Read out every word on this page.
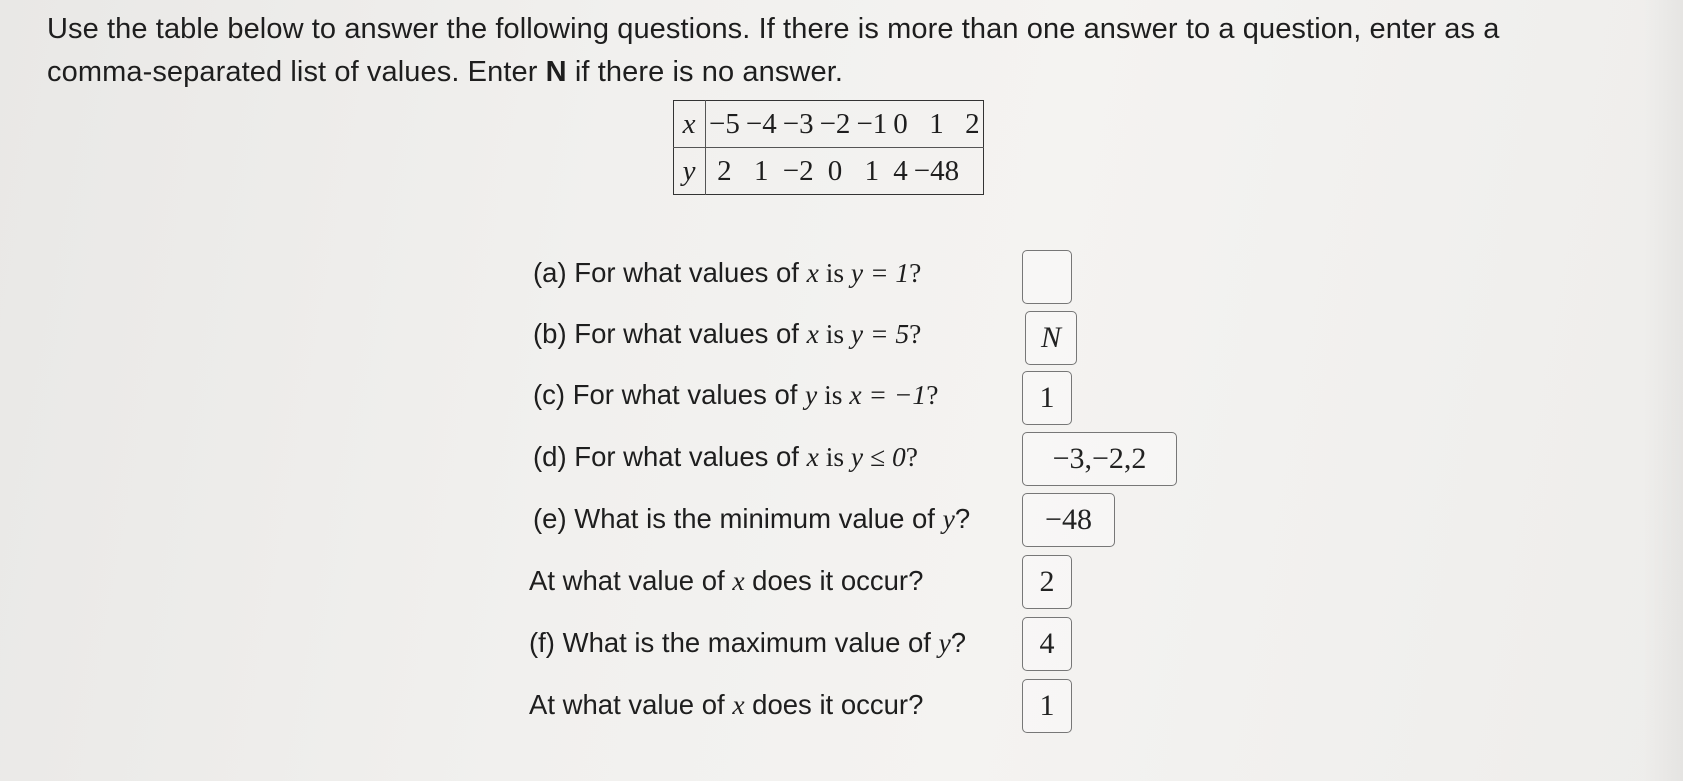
Use the table below to answer the following questions. If there is more than one answer to a question, enter as a
comma-separated list of values. Enter N if there is no answer.
x	−5	−4	−3	−2	−1	0	1	2
y	2	1	−2	0	1	4	−48	
(a) For what values of x is y = 1?
(b) For what values of x is y = 5?	N
(c) For what values of y is x = −1?	1
(d) For what values of x is y ≤ 0?	−3,−2,2
(e) What is the minimum value of y?	−48
At what value of x does it occur?	2
(f) What is the maximum value of y?	4
At what value of x does it occur?	1
